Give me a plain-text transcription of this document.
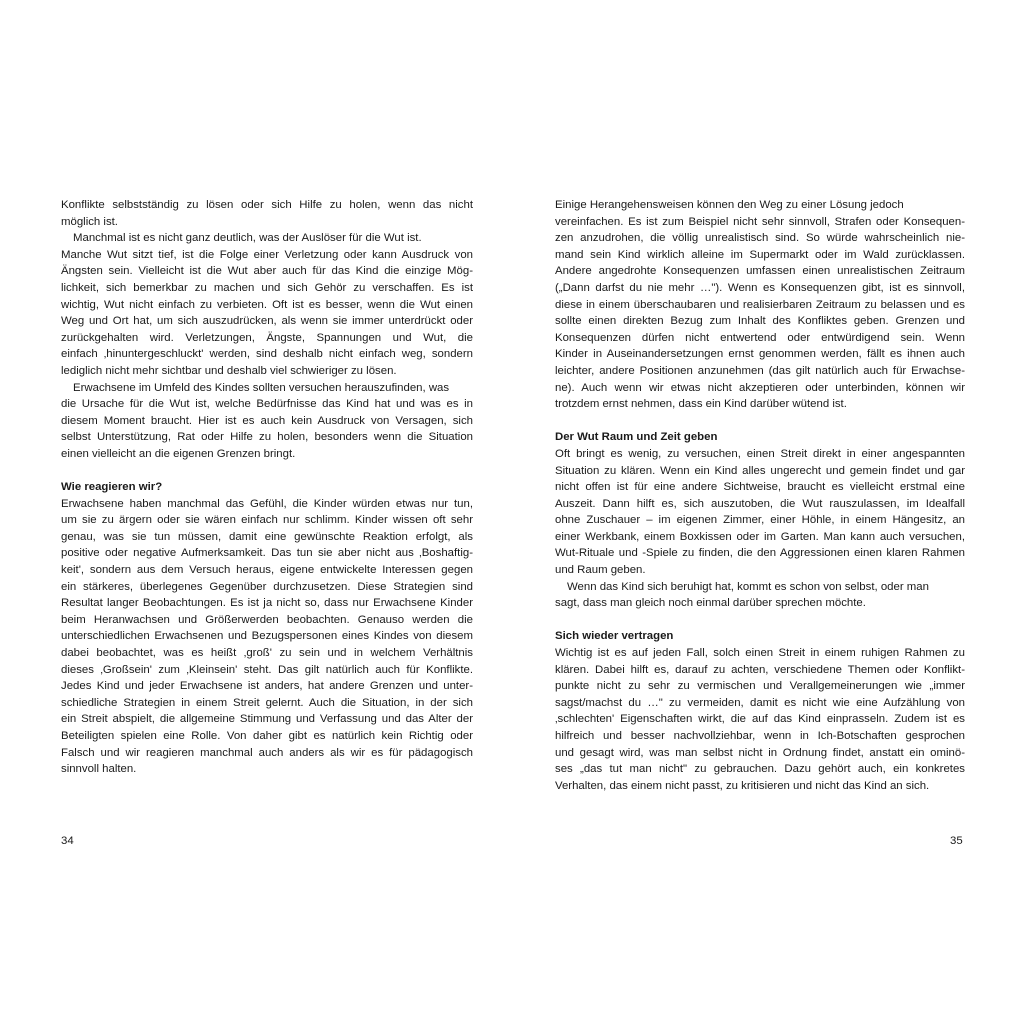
Konflikte selbstständig zu lösen oder sich Hilfe zu holen, wenn das nicht
möglich ist.
Manchmal ist es nicht ganz deutlich, was der Auslöser für die Wut ist.
Manche Wut sitzt tief, ist die Folge einer Verletzung oder kann Ausdruck von
Ängsten sein. Vielleicht ist die Wut aber auch für das Kind die einzige Mög-
lichkeit, sich bemerkbar zu machen und sich Gehör zu verschaffen. Es ist
wichtig, Wut nicht einfach zu verbieten. Oft ist es besser, wenn die Wut einen
Weg und Ort hat, um sich auszudrücken, als wenn sie immer unterdrückt oder
zurückgehalten wird. Verletzungen, Ängste, Spannungen und Wut, die
einfach ‚hinuntergeschluckt' werden, sind deshalb nicht einfach weg, sondern
lediglich nicht mehr sichtbar und deshalb viel schwieriger zu lösen.
Erwachsene im Umfeld des Kindes sollten versuchen herauszufinden, was
die Ursache für die Wut ist, welche Bedürfnisse das Kind hat und was es in
diesem Moment braucht. Hier ist es auch kein Ausdruck von Versagen, sich
selbst Unterstützung, Rat oder Hilfe zu holen, besonders wenn die Situation
einen vielleicht an die eigenen Grenzen bringt.
Wie reagieren wir?
Erwachsene haben manchmal das Gefühl, die Kinder würden etwas nur tun,
um sie zu ärgern oder sie wären einfach nur schlimm. Kinder wissen oft sehr
genau, was sie tun müssen, damit eine gewünschte Reaktion erfolgt, als
positive oder negative Aufmerksamkeit. Das tun sie aber nicht aus ‚Boshaftig-
keit', sondern aus dem Versuch heraus, eigene entwickelte Interessen gegen
ein stärkeres, überlegenes Gegenüber durchzusetzen. Diese Strategien sind
Resultat langer Beobachtungen. Es ist ja nicht so, dass nur Erwachsene Kinder
beim Heranwachsen und Größerwerden beobachten. Genauso werden die
unterschiedlichen Erwachsenen und Bezugspersonen eines Kindes von diesem
dabei beobachtet, was es heißt ‚groß' zu sein und in welchem Verhältnis
dieses ‚Großsein' zum ‚Kleinsein' steht. Das gilt natürlich auch für Konflikte.
Jedes Kind und jeder Erwachsene ist anders, hat andere Grenzen und unter-
schiedliche Strategien in einem Streit gelernt. Auch die Situation, in der sich
ein Streit abspielt, die allgemeine Stimmung und Verfassung und das Alter der
Beteiligten spielen eine Rolle. Von daher gibt es natürlich kein Richtig oder
Falsch und wir reagieren manchmal auch anders als wir es für pädagogisch
sinnvoll halten.
34
Einige Herangehensweisen können den Weg zu einer Lösung jedoch
vereinfachen. Es ist zum Beispiel nicht sehr sinnvoll, Strafen oder Konsequen-
zen anzudrohen, die völlig unrealistisch sind. So würde wahrscheinlich nie-
mand sein Kind wirklich alleine im Supermarkt oder im Wald zurücklassen.
Andere angedrohte Konsequenzen umfassen einen unrealistischen Zeitraum
(„Dann darfst du nie mehr …"). Wenn es Konsequenzen gibt, ist es sinnvoll,
diese in einem überschaubaren und realisierbaren Zeitraum zu belassen und es
sollte einen direkten Bezug zum Inhalt des Konfliktes geben. Grenzen und
Konsequenzen dürfen nicht entwertend oder entwürdigend sein. Wenn
Kinder in Auseinandersetzungen ernst genommen werden, fällt es ihnen auch
leichter, andere Positionen anzunehmen (das gilt natürlich auch für Erwachse-
ne). Auch wenn wir etwas nicht akzeptieren oder unterbinden, können wir
trotzdem ernst nehmen, dass ein Kind darüber wütend ist.
Der Wut Raum und Zeit geben
Oft bringt es wenig, zu versuchen, einen Streit direkt in einer angespannten
Situation zu klären. Wenn ein Kind alles ungerecht und gemein findet und gar
nicht offen ist für eine andere Sichtweise, braucht es vielleicht erstmal eine
Auszeit. Dann hilft es, sich auszutoben, die Wut rauszulassen, im Idealfall
ohne Zuschauer – im eigenen Zimmer, einer Höhle, in einem Hängesitz, an
einer Werkbank, einem Boxkissen oder im Garten. Man kann auch versuchen,
Wut-Rituale und -Spiele zu finden, die den Aggressionen einen klaren Rahmen
und Raum geben.
Wenn das Kind sich beruhigt hat, kommt es schon von selbst, oder man
sagt, dass man gleich noch einmal darüber sprechen möchte.
Sich wieder vertragen
Wichtig ist es auf jeden Fall, solch einen Streit in einem ruhigen Rahmen zu
klären. Dabei hilft es, darauf zu achten, verschiedene Themen oder Konflikt-
punkte nicht zu sehr zu vermischen und Verallgemeinerungen wie „immer
sagst/machst du …" zu vermeiden, damit es nicht wie eine Aufzählung von
‚schlechten' Eigenschaften wirkt, die auf das Kind einprasseln. Zudem ist es
hilfreich und besser nachvollziehbar, wenn in Ich-Botschaften gesprochen
und gesagt wird, was man selbst nicht in Ordnung findet, anstatt ein ominö-
ses „das tut man nicht" zu gebrauchen. Dazu gehört auch, ein konkretes
Verhalten, das einem nicht passt, zu kritisieren und nicht das Kind an sich.
35
